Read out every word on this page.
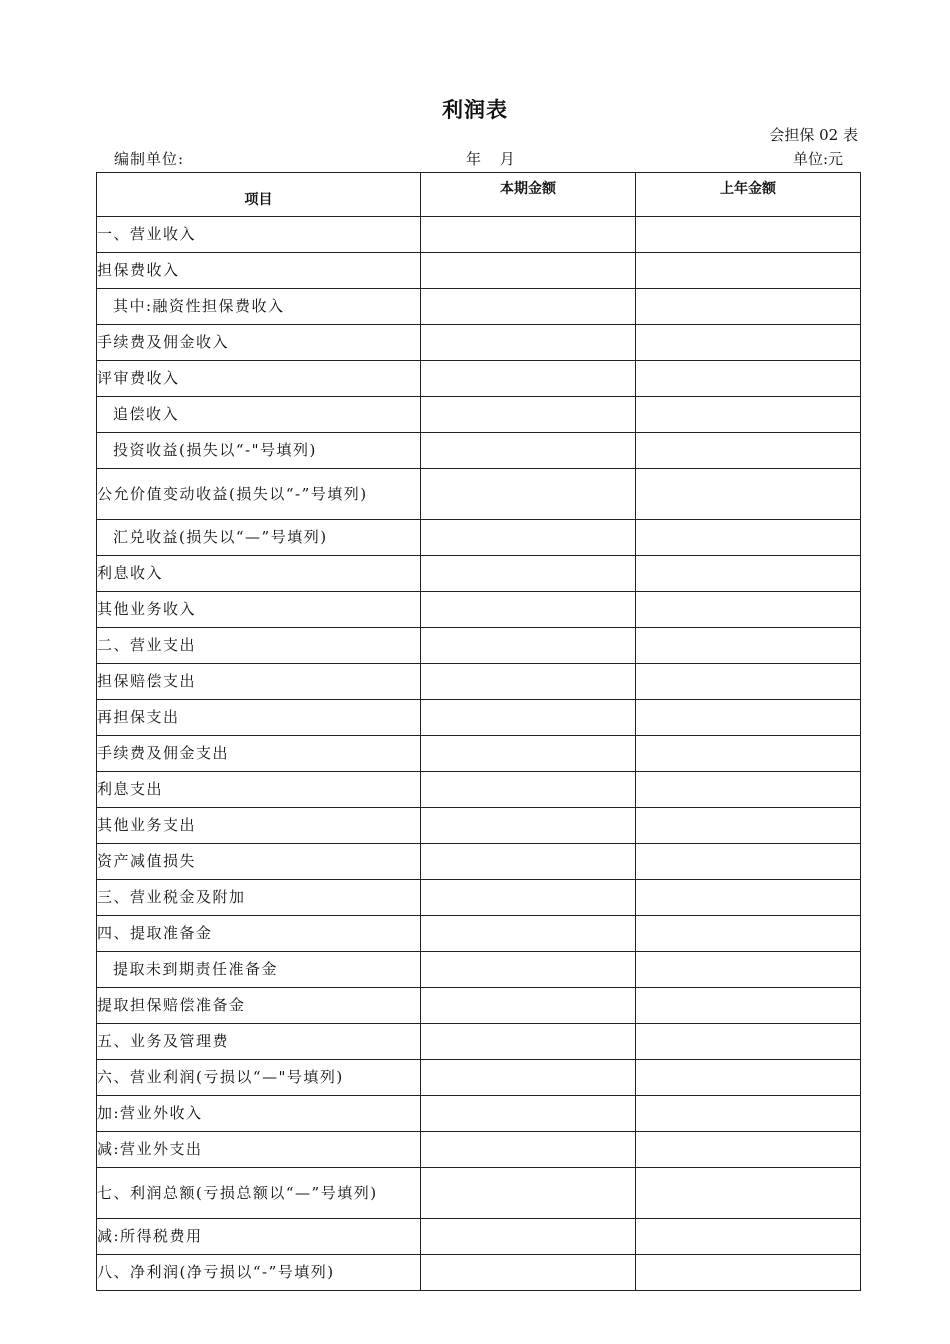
利润表
会担保 02 表
编制单位:	年 月	单位:元
项目	本期金额	上年金额
一、营业收入		
担保费收入		
其中:融资性担保费收入		
手续费及佣金收入		
评审费收入		
追偿收入		
投资收益(损失以“-"号填列)		
公允价值变动收益(损失以“-”号填列)		
汇兑收益(损失以“—”号填列)		
利息收入		
其他业务收入		
二、营业支出		
担保赔偿支出		
再担保支出		
手续费及佣金支出		
利息支出		
其他业务支出		
资产减值损失		
三、营业税金及附加		
四、提取准备金		
提取未到期责任准备金		
提取担保赔偿准备金		
五、业务及管理费		
六、营业利润(亏损以“—"号填列)		
加:营业外收入		
减:营业外支出		
七、利润总额(亏损总额以“—”号填列)		
减:所得税费用		
八、净利润(净亏损以“-”号填列)		
